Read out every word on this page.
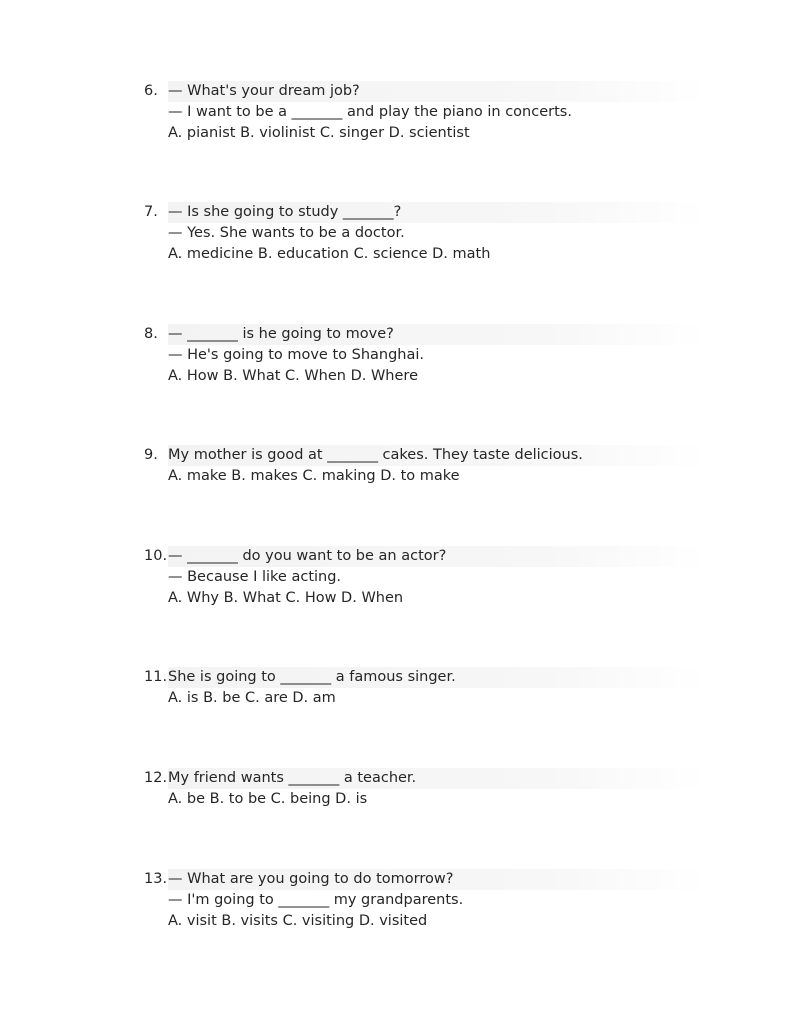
6. — What's your dream job?
— I want to be a _______ and play the piano in concerts.
A. pianist B. violinist C. singer D. scientist
7. — Is she going to study _______?
— Yes. She wants to be a doctor.
A. medicine B. education C. science D. math
8. — _______ is he going to move?
— He's going to move to Shanghai.
A. How B. What C. When D. Where
9. My mother is good at _______ cakes. They taste delicious.
A. make B. makes C. making D. to make
10. — _______ do you want to be an actor?
— Because I like acting.
A. Why B. What C. How D. When
11. She is going to _______ a famous singer.
A. is B. be C. are D. am
12. My friend wants _______ a teacher.
A. be B. to be C. being D. is
13. — What are you going to do tomorrow?
— I'm going to _______ my grandparents.
A. visit B. visits C. visiting D. visited
